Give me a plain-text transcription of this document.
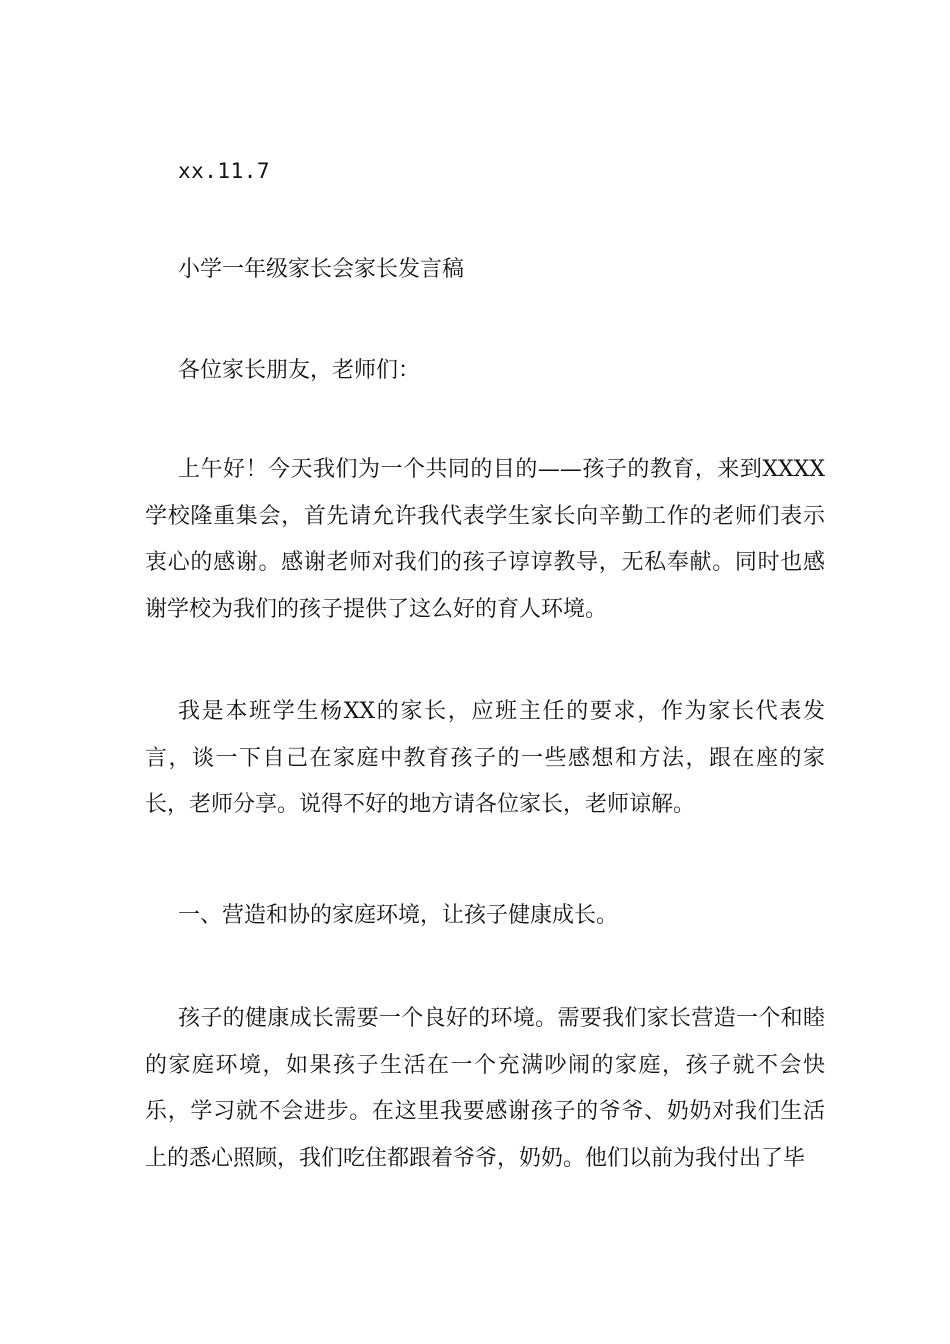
xx.11.7

小学一年级家长会家长发言稿

各位家长朋友，老师们：

上午好！今天我们为一个共同的目的——孩子的教育，来到XXXX学校隆重集会，首先请允许我代表学生家长向辛勤工作的老师们表示衷心的感谢。感谢老师对我们的孩子谆谆教导，无私奉献。同时也感谢学校为我们的孩子提供了这么好的育人环境。

我是本班学生杨XX的家长，应班主任的要求，作为家长代表发言，谈一下自己在家庭中教育孩子的一些感想和方法，跟在座的家长，老师分享。说得不好的地方请各位家长，老师谅解。

一、营造和协的家庭环境，让孩子健康成长。

孩子的健康成长需要一个良好的环境。需要我们家长营造一个和睦的家庭环境，如果孩子生活在一个充满吵闹的家庭，孩子就不会快乐，学习就不会进步。在这里我要感谢孩子的爷爷、奶奶对我们生活上的悉心照顾，我们吃住都跟着爷爷，奶奶。他们以前为我付出了毕
